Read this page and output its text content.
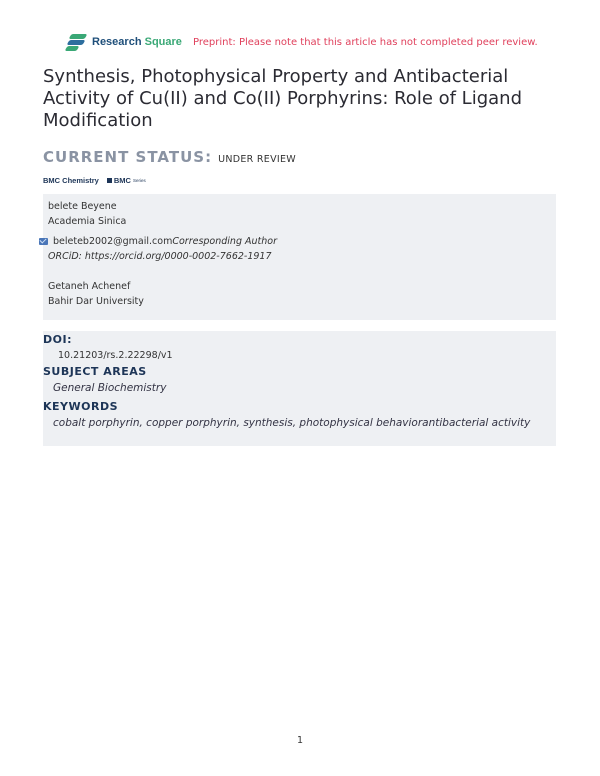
Research Square Preprint: Please note that this article has not completed peer review.
Synthesis, Photophysical Property and Antibacterial Activity of Cu(II) and Co(II) Porphyrins: Role of Ligand Modification
CURRENT STATUS: UNDER REVIEW
BMC Chemistry BMC Series
belete Beyene
Academia Sinica
beleteb2002@gmail.comCorresponding Author
ORCiD: https://orcid.org/0000-0002-7662-1917
Getaneh Achenef
Bahir Dar University
DOI:
10.21203/rs.2.22298/v1
SUBJECT AREAS
General Biochemistry
KEYWORDS
cobalt porphyrin, copper porphyrin, synthesis, photophysical behaviorantibacterial activity
1
